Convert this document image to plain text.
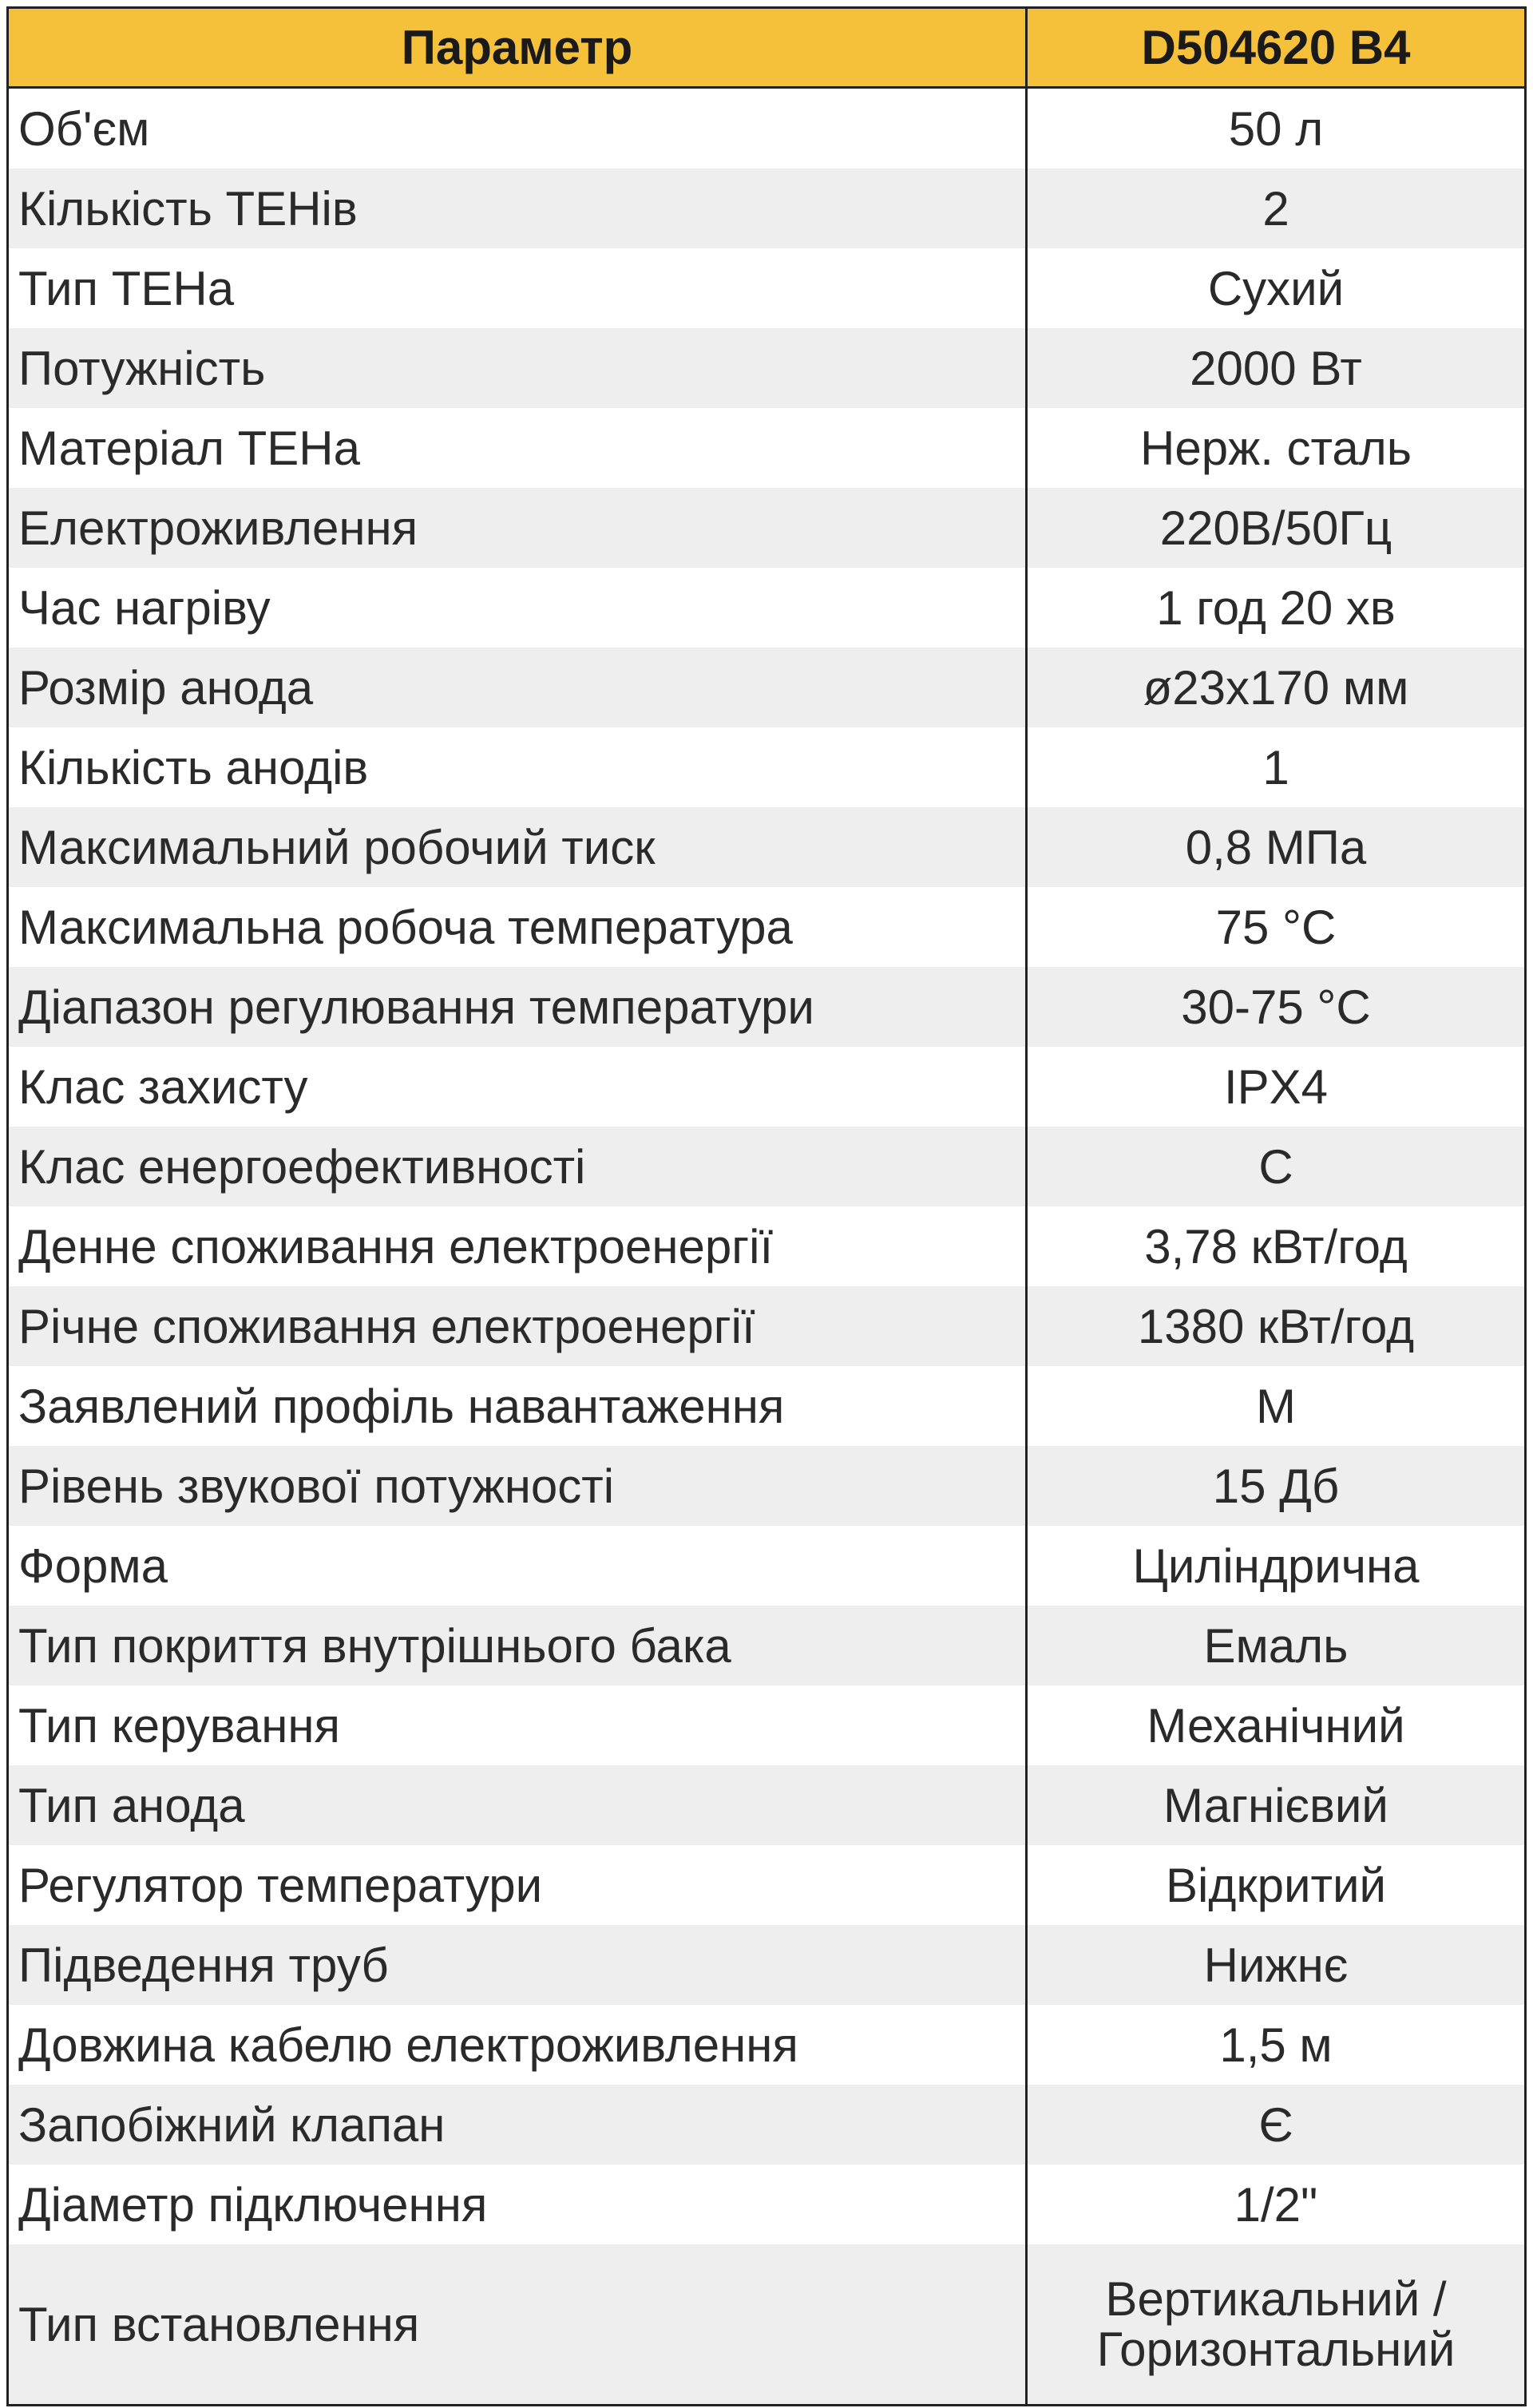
Параметр	D504620 B4
Об'єм	50 л
Кількість ТЕНів	2
Тип ТЕНа	Сухий
Потужність	2000 Вт
Матеріал ТЕНа	Нерж. сталь
Електроживлення	220В/50Гц
Час нагріву	1 год 20 хв
Розмір анода	ø23х170 мм
Кількість анодів	1
Максимальний робочий тиск	0,8 МПа
Максимальна робоча температура	75 °С
Діапазон регулювання температури	30-75 °С
Клас захисту	IPX4
Клас енергоефективності	C
Денне споживання електроенергії	3,78 кВт/год
Річне споживання електроенергії	1380 кВт/год
Заявлений профіль навантаження	M
Рівень звукової потужності	15 Дб
Форма	Циліндрична
Тип покриття внутрішнього бака	Емаль
Тип керування	Механічний
Тип анода	Магнієвий
Регулятор температури	Відкритий
Підведення труб	Нижнє
Довжина кабелю електроживлення	1,5 м
Запобіжний клапан	Є
Діаметр підключення	1/2"
Тип встановлення	Вертикальний /
Горизонтальний
